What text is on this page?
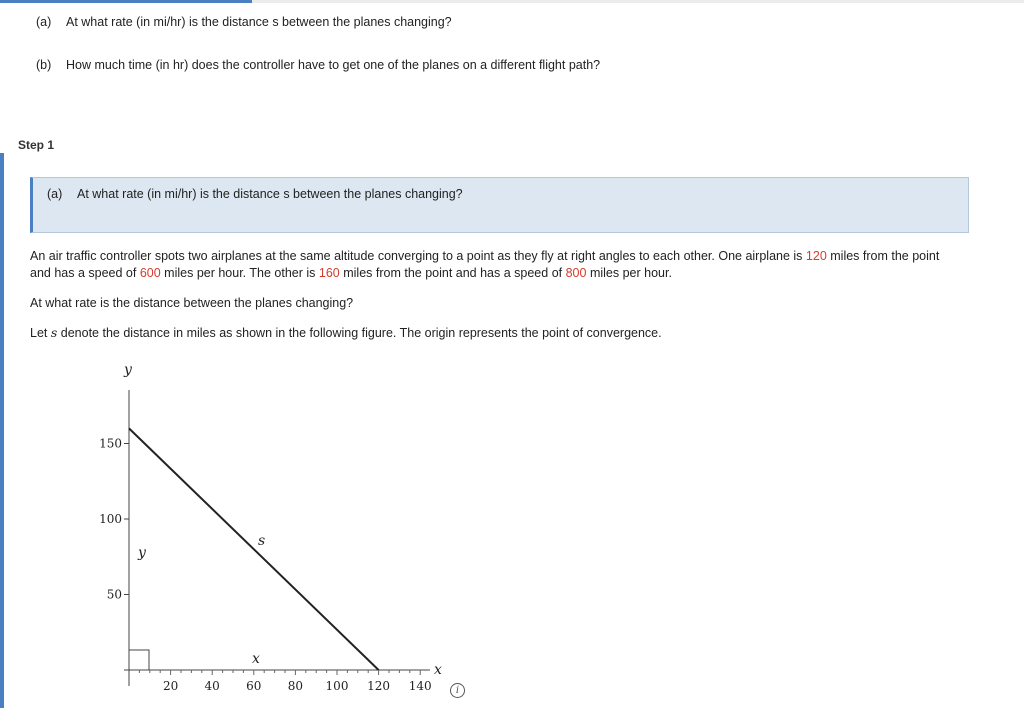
(a) At what rate (in mi/hr) is the distance s between the planes changing?
(b) How much time (in hr) does the controller have to get one of the planes on a different flight path?
Step 1
(a) At what rate (in mi/hr) is the distance s between the planes changing?
An air traffic controller spots two airplanes at the same altitude converging to a point as they fly at right angles to each other. One airplane is 120 miles from the point and has a speed of 600 miles per hour. The other is 160 miles from the point and has a speed of 800 miles per hour.
At what rate is the distance between the planes changing?
Let s denote the distance in miles as shown in the following figure. The origin represents the point of convergence.
y
x
50
100
150
20 40 60 80 100 120 140
s
x
y
i
